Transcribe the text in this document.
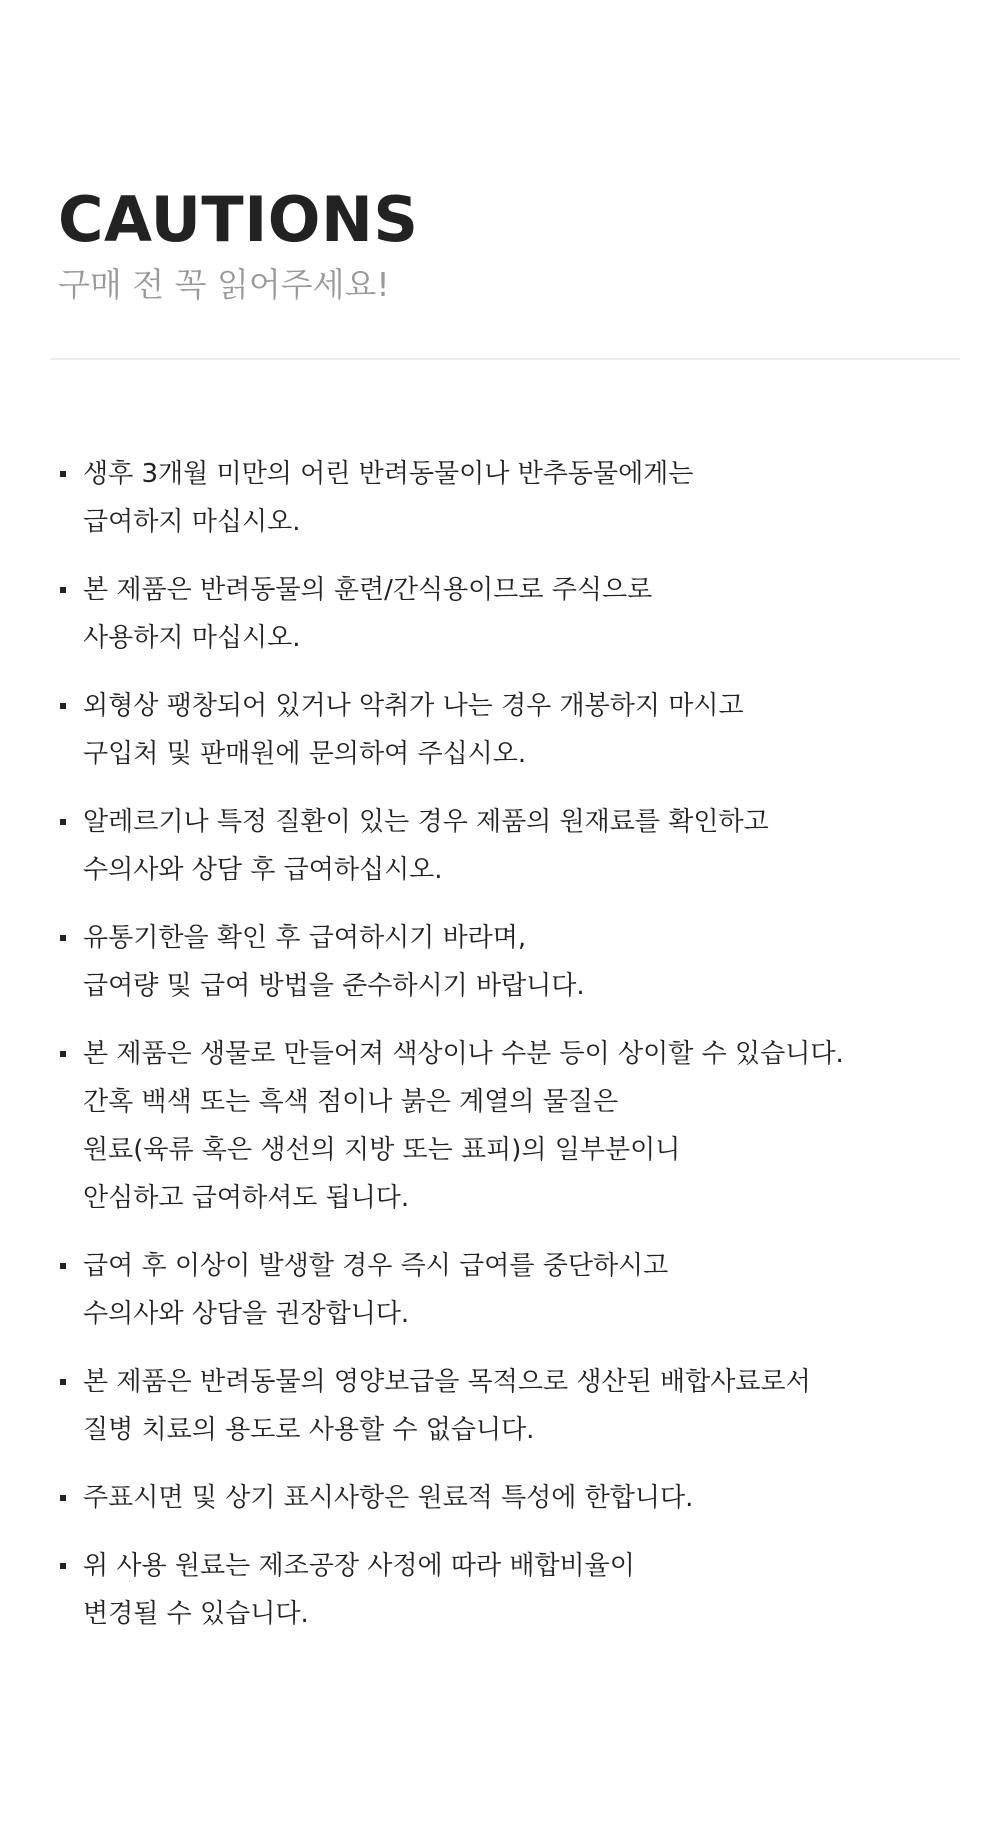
CAUTIONS

구매 전 꼭 읽어주세요!

생후 3개월 미만의 어린 반려동물이나 반추동물에게는
급여하지 마십시오.
본 제품은 반려동물의 훈련/간식용이므로 주식으로
사용하지 마십시오.
외형상 팽창되어 있거나 악취가 나는 경우 개봉하지 마시고
구입처 및 판매원에 문의하여 주십시오.
알레르기나 특정 질환이 있는 경우 제품의 원재료를 확인하고
수의사와 상담 후 급여하십시오.
유통기한을 확인 후 급여하시기 바라며,
급여량 및 급여 방법을 준수하시기 바랍니다.
본 제품은 생물로 만들어져 색상이나 수분 등이 상이할 수 있습니다.
간혹 백색 또는 흑색 점이나 붉은 계열의 물질은
원료(육류 혹은 생선의 지방 또는 표피)의 일부분이니
안심하고 급여하셔도 됩니다.
급여 후 이상이 발생할 경우 즉시 급여를 중단하시고
수의사와 상담을 권장합니다.
본 제품은 반려동물의 영양보급을 목적으로 생산된 배합사료로서
질병 치료의 용도로 사용할 수 없습니다.
주표시면 및 상기 표시사항은 원료적 특성에 한합니다.
위 사용 원료는 제조공장 사정에 따라 배합비율이
변경될 수 있습니다.
